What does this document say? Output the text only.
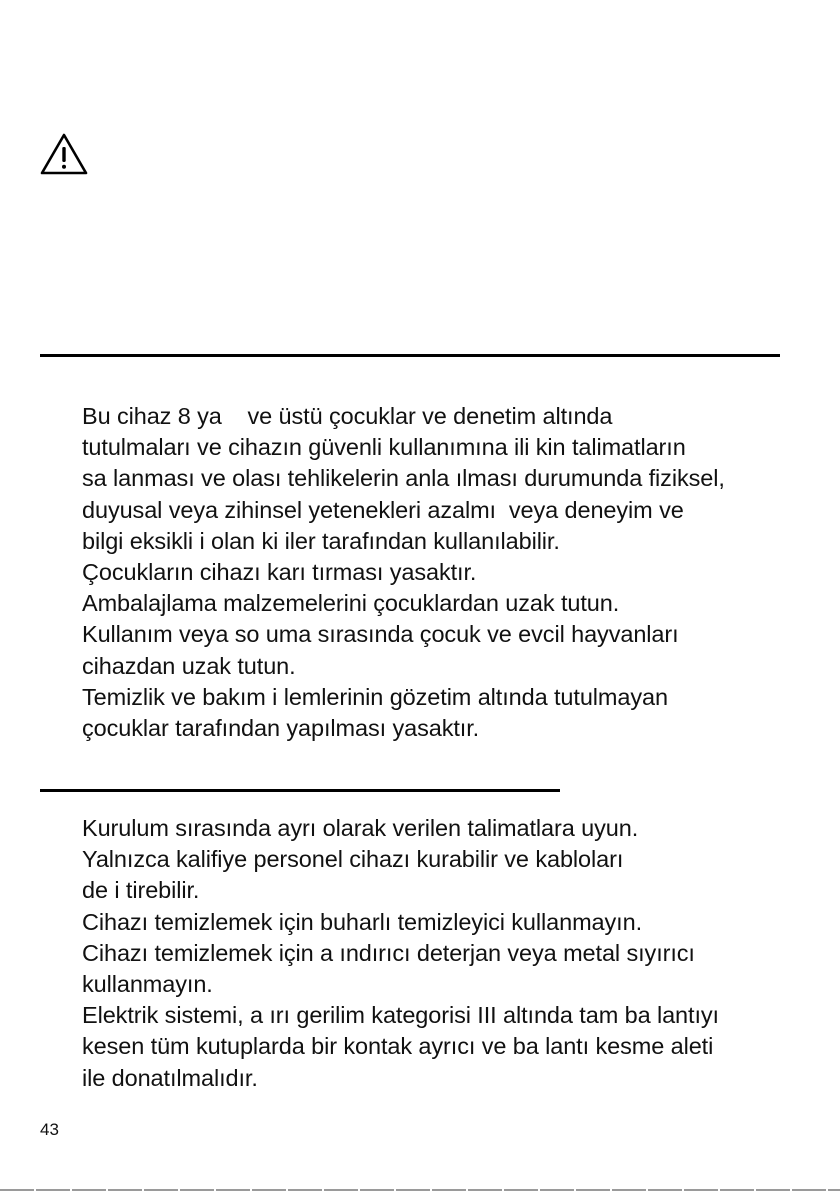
Bu cihaz 8 ya    ve üstü çocuklar ve denetim altında
tutulmaları ve cihazın güvenli kullanımına ili kin talimatların
sa lanması ve olası tehlikelerin anla ılması durumunda fiziksel,
duyusal veya zihinsel yetenekleri azalmı  veya deneyim ve
bilgi eksikli i olan ki iler tarafından kullanılabilir.
Çocukların cihazı karı tırması yasaktır.
Ambalajlama malzemelerini çocuklardan uzak tutun.
Kullanım veya so uma sırasında çocuk ve evcil hayvanları
cihazdan uzak tutun.
Temizlik ve bakım i lemlerinin gözetim altında tutulmayan
çocuklar tarafından yapılması yasaktır.
Kurulum sırasında ayrı olarak verilen talimatlara uyun.
Yalnızca kalifiye personel cihazı kurabilir ve kabloları
de i tirebilir.
Cihazı temizlemek için buharlı temizleyici kullanmayın.
Cihazı temizlemek için a ındırıcı deterjan veya metal sıyırıcı
kullanmayın.
Elektrik sistemi, a ırı gerilim kategorisi III altında tam ba lantıyı
kesen tüm kutuplarda bir kontak ayrıcı ve ba lantı kesme aleti
ile donatılmalıdır.
43
